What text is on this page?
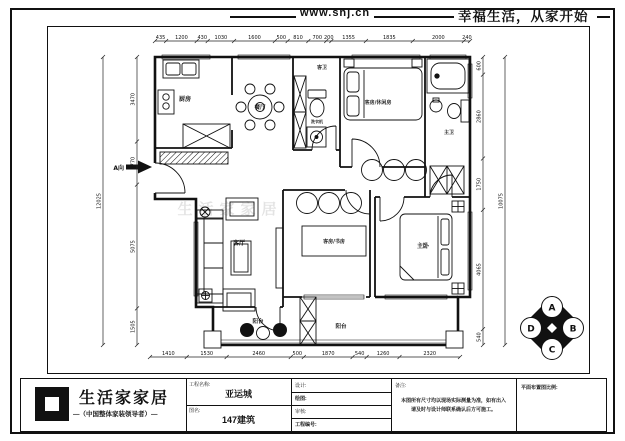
www.shj.cn	幸福生活，从家开始
生活家家居
435 1200 430 1030	1600	500 810 700 200 1355	1835	2000	240
1410	1530	2460	500	1870	540 1260	2320
3470
1770
5075
1505
12025
600
2860
1750
4065
540
10075
厨房
餐厅
客卫
洗衣机
客房/休闲房
主卫
客厅	客房/书房
主卧
阳台
阳台
A向
A
B
C
D
生活家家居
—（中国整体家装领导者）—
工程名称:
亚运城
图名:
147建筑
设计:
绘图:
审核:
工程编号:
备注:
本图所有尺寸均以现场实际测量为准，如有出入
请及时与设计师联系确认后方可施工。
平面布置图比例:
